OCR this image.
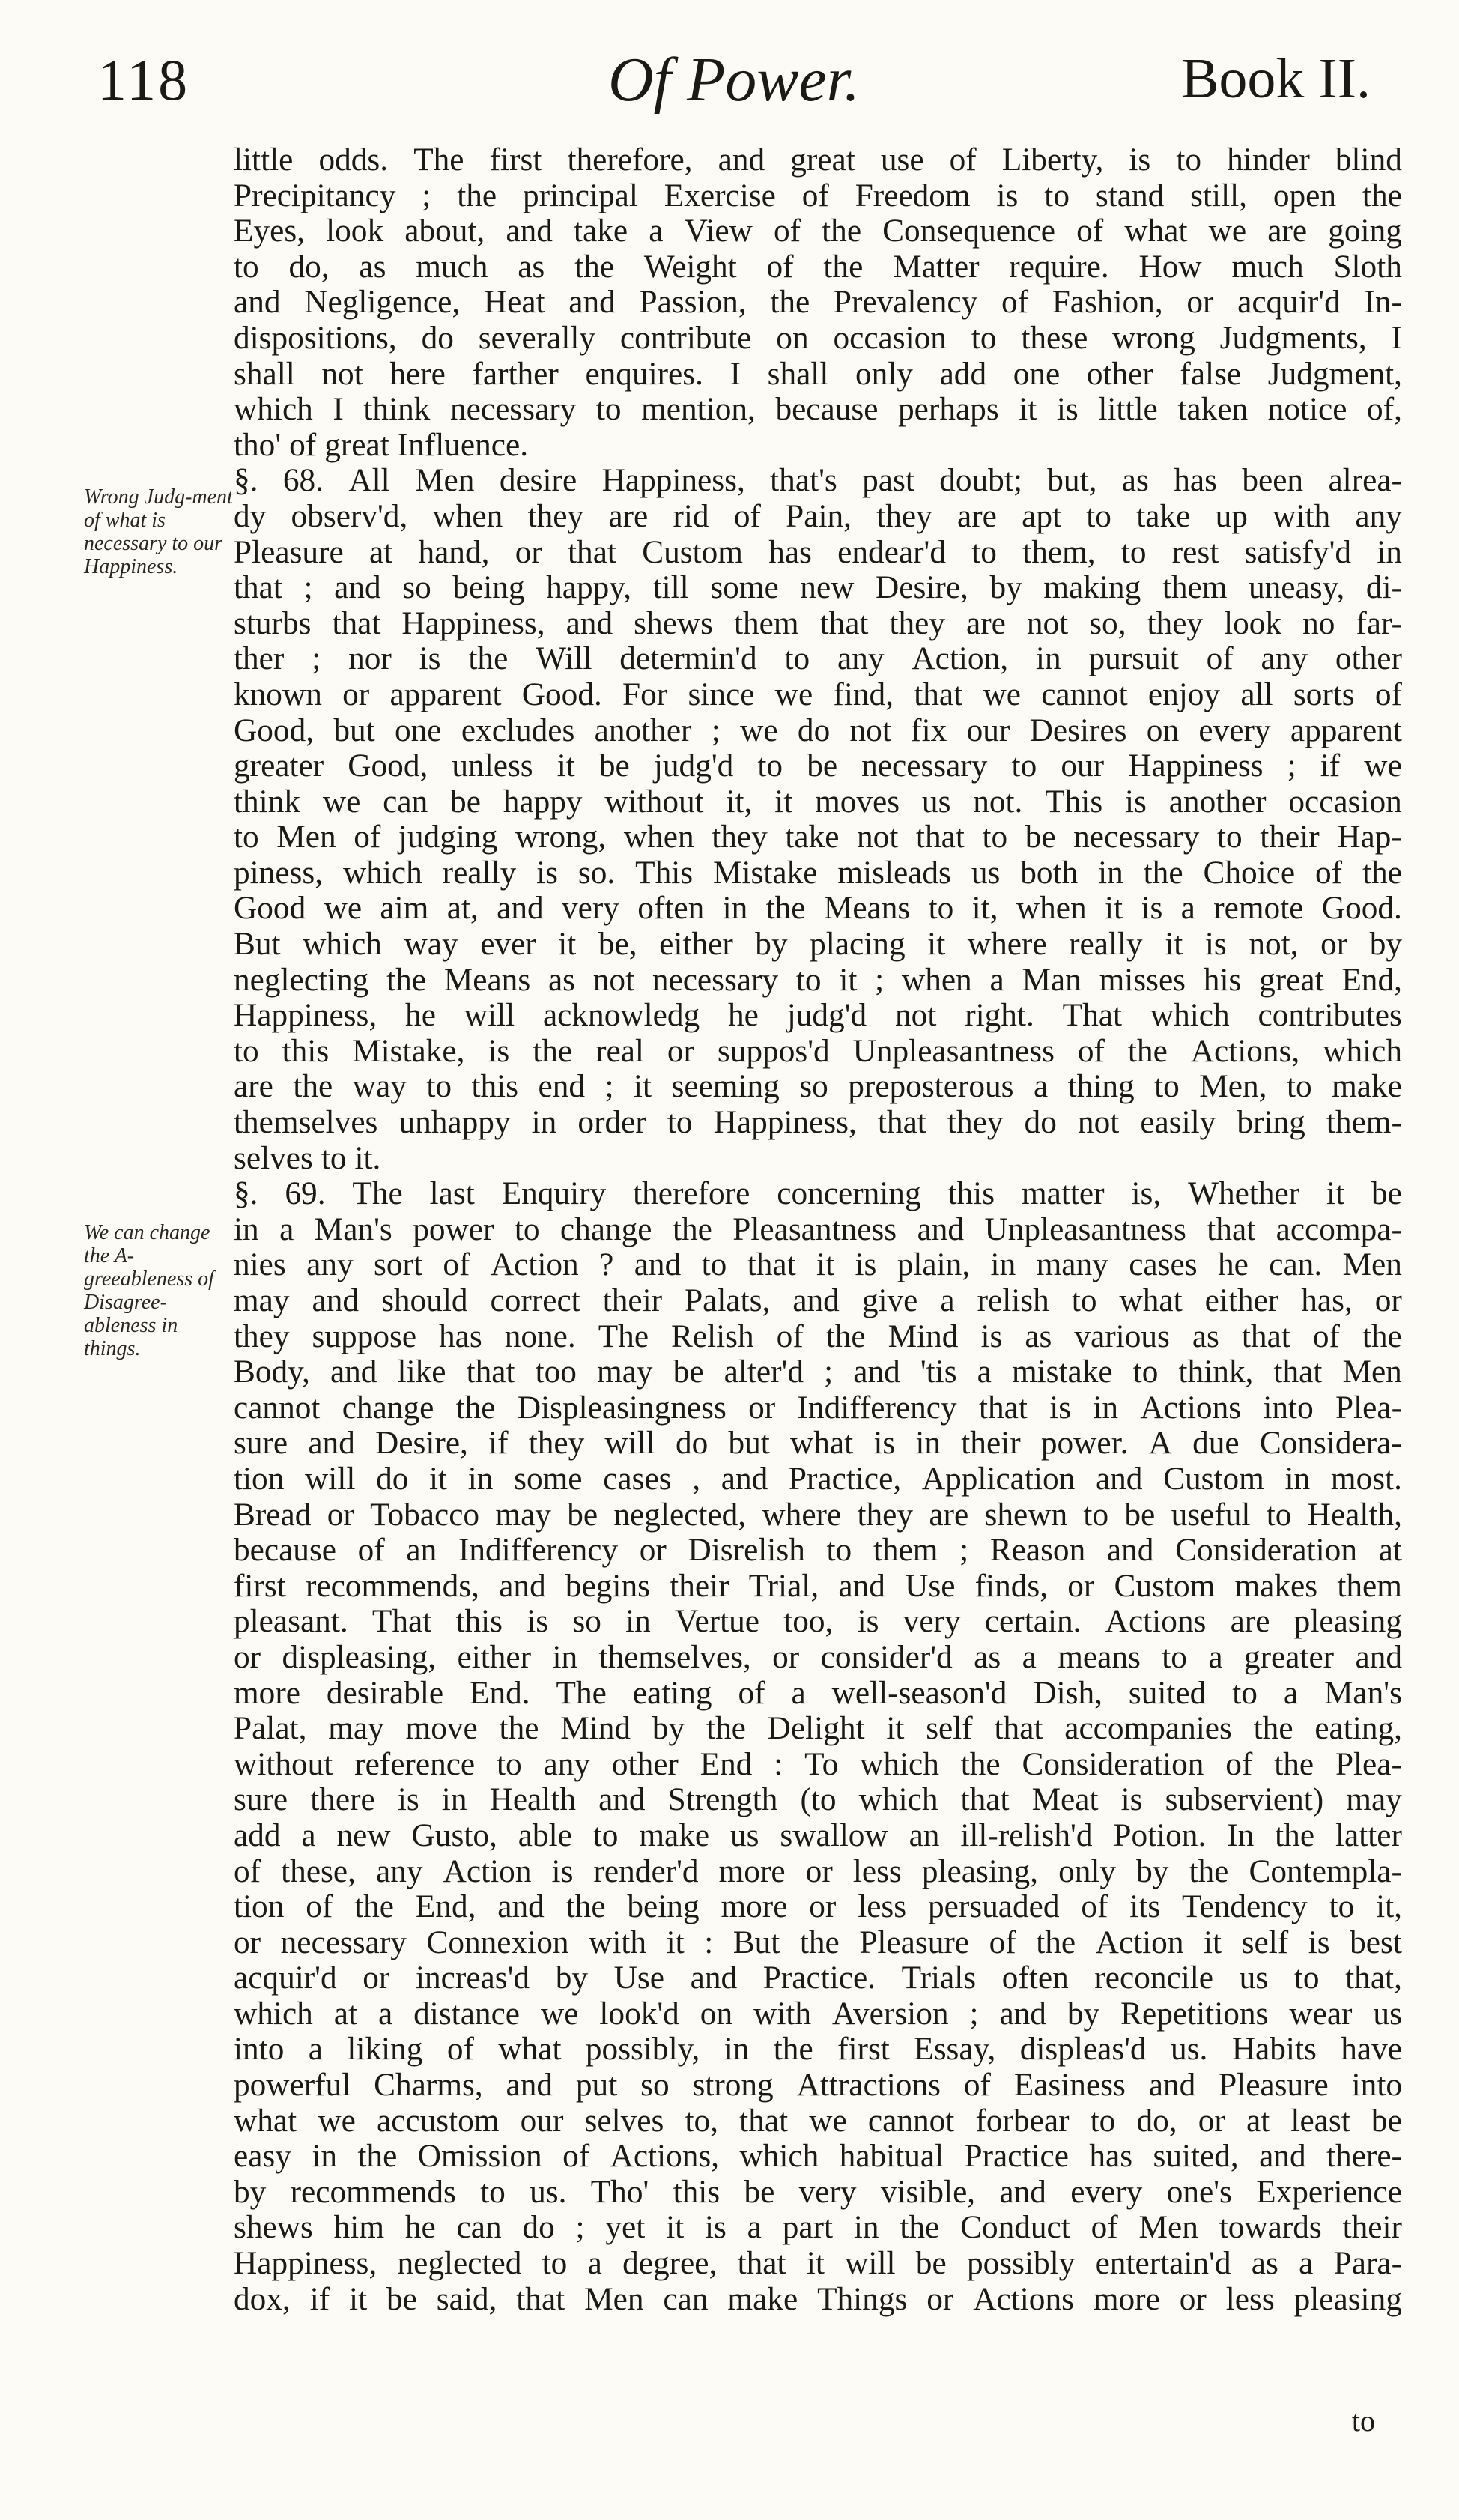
118	Of Power.	Book II.
Wrong Judg-ment of what is necessary to our Happiness.
We can change the A-greeableness of Disagree-ableness in things.
little odds. The first therefore, and great use of Liberty, is to hinder blind
Precipitancy ; the principal Exercise of Freedom is to stand still, open the
Eyes, look about, and take a View of the Consequence of what we are going
to do, as much as the Weight of the Matter require. How much Sloth
and Negligence, Heat and Passion, the Prevalency of Fashion, or acquir'd In-
dispositions, do severally contribute on occasion to these wrong Judgments, I
shall not here farther enquires. I shall only add one other false Judgment,
which I think necessary to mention, because perhaps it is little taken notice of,
tho' of great Influence.
§. 68. All Men desire Happiness, that's past doubt; but, as has been alrea-
dy observ'd, when they are rid of Pain, they are apt to take up with any
Pleasure at hand, or that Custom has endear'd to them, to rest satisfy'd in
that ; and so being happy, till some new Desire, by making them uneasy, di-
sturbs that Happiness, and shews them that they are not so, they look no far-
ther ; nor is the Will determin'd to any Action, in pursuit of any other
known or apparent Good. For since we find, that we cannot enjoy all sorts of
Good, but one excludes another ; we do not fix our Desires on every apparent
greater Good, unless it be judg'd to be necessary to our Happiness ; if we
think we can be happy without it, it moves us not. This is another occasion
to Men of judging wrong, when they take not that to be necessary to their Hap-
piness, which really is so. This Mistake misleads us both in the Choice of the
Good we aim at, and very often in the Means to it, when it is a remote Good.
But which way ever it be, either by placing it where really it is not, or by
neglecting the Means as not necessary to it ; when a Man misses his great End,
Happiness, he will acknowledg he judg'd not right. That which contributes
to this Mistake, is the real or suppos'd Unpleasantness of the Actions, which
are the way to this end ; it seeming so preposterous a thing to Men, to make
themselves unhappy in order to Happiness, that they do not easily bring them-
selves to it.
§. 69. The last Enquiry therefore concerning this matter is, Whether it be
in a Man's power to change the Pleasantness and Unpleasantness that accompa-
nies any sort of Action ? and to that it is plain, in many cases he can. Men
may and should correct their Palats, and give a relish to what either has, or
they suppose has none. The Relish of the Mind is as various as that of the
Body, and like that too may be alter'd ; and 'tis a mistake to think, that Men
cannot change the Displeasingness or Indifferency that is in Actions into Plea-
sure and Desire, if they will do but what is in their power. A due Considera-
tion will do it in some cases , and Practice, Application and Custom in most.
Bread or Tobacco may be neglected, where they are shewn to be useful to Health,
because of an Indifferency or Disrelish to them ; Reason and Consideration at
first recommends, and begins their Trial, and Use finds, or Custom makes them
pleasant. That this is so in Vertue too, is very certain. Actions are pleasing
or displeasing, either in themselves, or consider'd as a means to a greater and
more desirable End. The eating of a well-season'd Dish, suited to a Man's
Palat, may move the Mind by the Delight it self that accompanies the eating,
without reference to any other End : To which the Consideration of the Plea-
sure there is in Health and Strength (to which that Meat is subservient) may
add a new Gusto, able to make us swallow an ill-relish'd Potion. In the latter
of these, any Action is render'd more or less pleasing, only by the Contempla-
tion of the End, and the being more or less persuaded of its Tendency to it,
or necessary Connexion with it : But the Pleasure of the Action it self is best
acquir'd or increas'd by Use and Practice. Trials often reconcile us to that,
which at a distance we look'd on with Aversion ; and by Repetitions wear us
into a liking of what possibly, in the first Essay, displeas'd us. Habits have
powerful Charms, and put so strong Attractions of Easiness and Pleasure into
what we accustom our selves to, that we cannot forbear to do, or at least be
easy in the Omission of Actions, which habitual Practice has suited, and there-
by recommends to us. Tho' this be very visible, and every one's Experience
shews him he can do ; yet it is a part in the Conduct of Men towards their
Happiness, neglected to a degree, that it will be possibly entertain'd as a Para-
dox, if it be said, that Men can make Things or Actions more or less pleasing
to
